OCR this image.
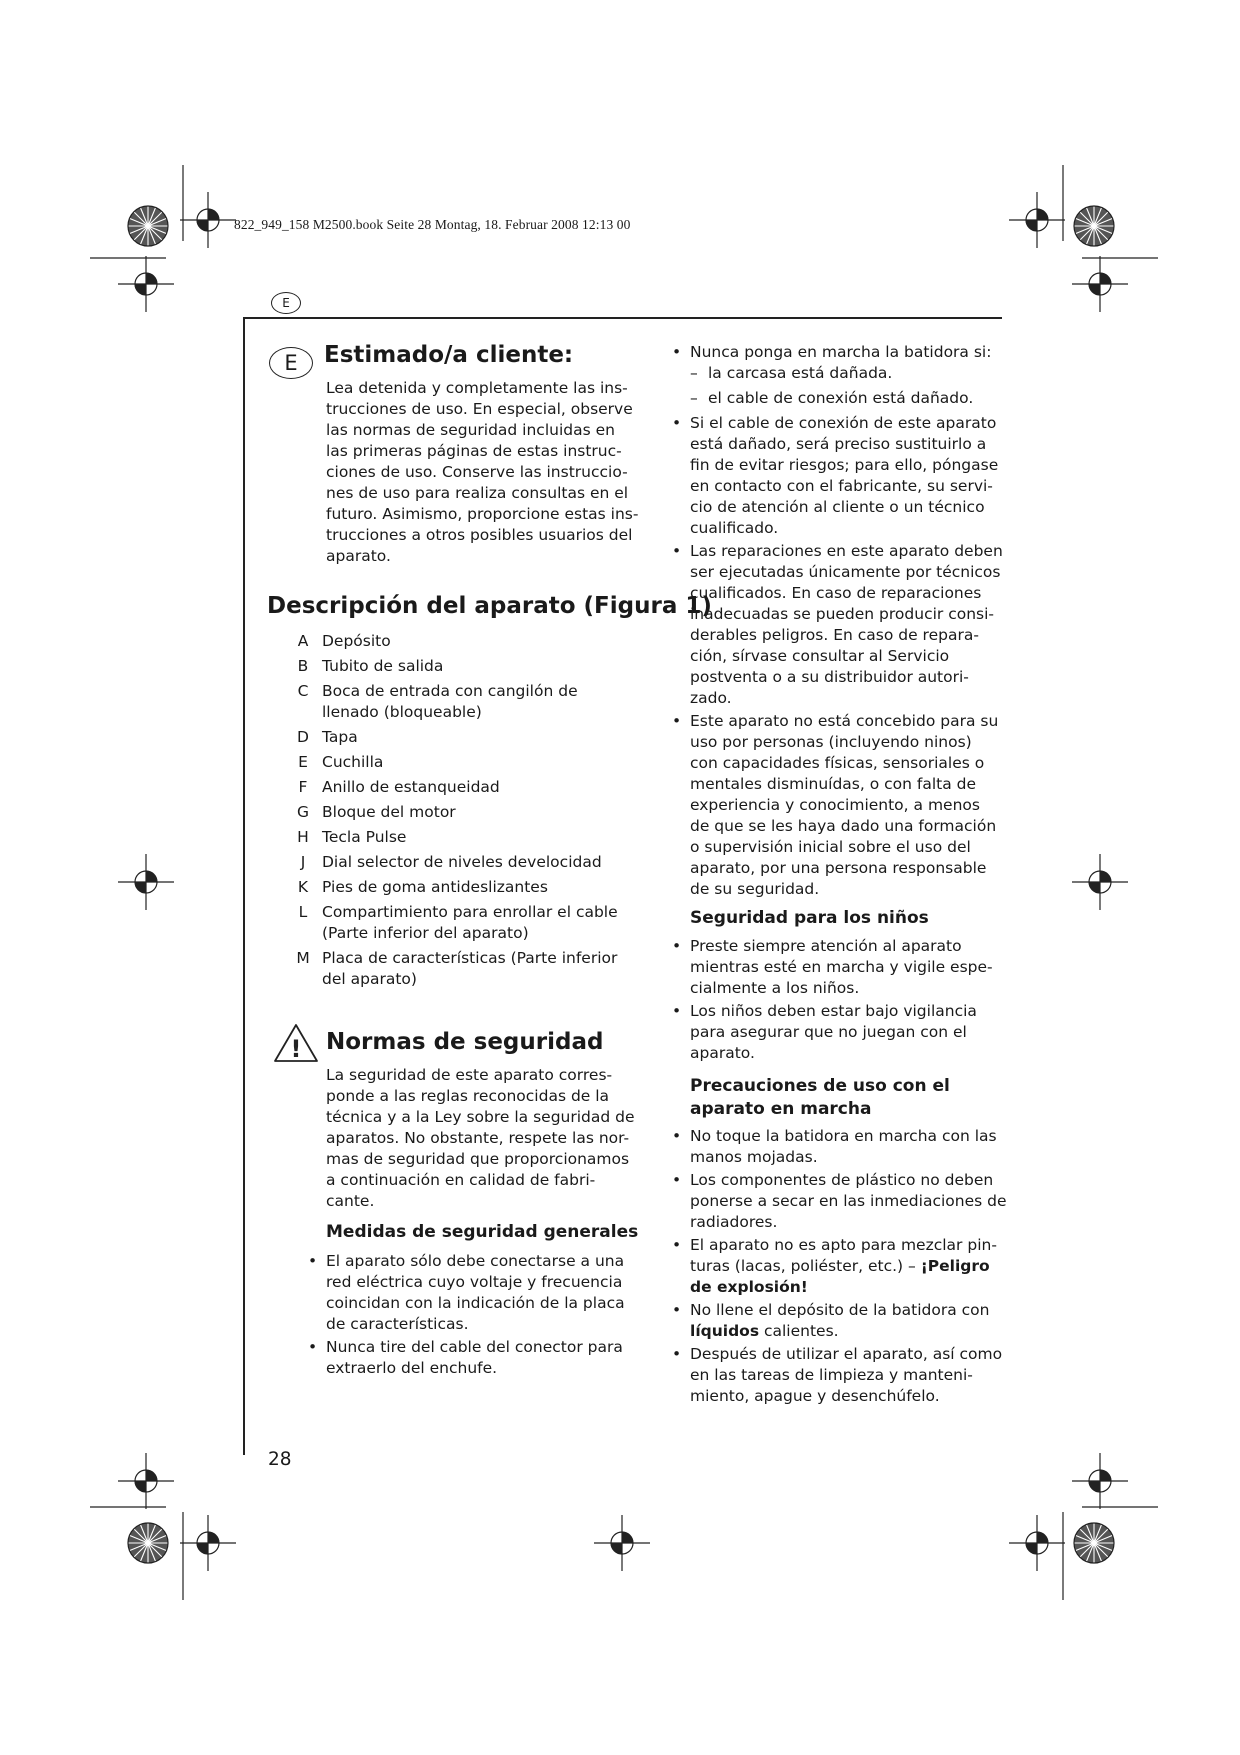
822_949_158 M2500.book Seite 28 Montag, 18. Februar 2008 12:13 00
E
E	Estimado/a cliente:
Lea detenida y completamente las ins-
trucciones de uso. En especial, observe
las normas de seguridad incluidas en
las primeras páginas de estas instruc-
ciones de uso. Conserve las instruccio-
nes de uso para realiza consultas en el
futuro. Asimismo, proporcione estas ins-
trucciones a otros posibles usuarios del
aparato.
Descripción del aparato (Figura 1)
A Depósito
B Tubito de salida
C Boca de entrada con cangilón de
llenado (bloqueable)
D Tapa
E Cuchilla
F Anillo de estanqueidad
G Bloque del motor
H Tecla Pulse
J	Dial selector de niveles develocidad
K Pies de goma antideslizantes
L Compartimiento para enrollar el cable
(Parte inferior del aparato)
M Placa de características (Parte inferior
del aparato)
! Normas de seguridad
La seguridad de este aparato corres-
ponde a las reglas reconocidas de la
técnica y a la Ley sobre la seguridad de
aparatos. No obstante, respete las nor-
mas de seguridad que proporcionamos
a continuación en calidad de fabri-
cante.
Medidas de seguridad generales
• El aparato sólo debe conectarse a una
red eléctrica cuyo voltaje y frecuencia
coincidan con la indicación de la placa
de características.
• Nunca tire del cable del conector para
extraerlo del enchufe.
28
• Nunca ponga en marcha la batidora si:
– la carcasa está dañada.
– el cable de conexión está dañado.
• Si el cable de conexión de este aparato
está dañado, será preciso sustituirlo a
fin de evitar riesgos; para ello, póngase
en contacto con el fabricante, su servi-
cio de atención al cliente o un técnico
cualificado.
• Las reparaciones en este aparato deben
ser ejecutadas únicamente por técnicos
cualificados. En caso de reparaciones
inadecuadas se pueden producir consi-
derables peligros. En caso de repara-
ción, sírvase consultar al Servicio
postventa o a su distribuidor autori-
zado.
• Este aparato no está concebido para su
uso por personas (incluyendo ninos)
con capacidades físicas, sensoriales o
mentales disminuídas, o con falta de
experiencia y conocimiento, a menos
de que se les haya dado una formación
o supervisión inicial sobre el uso del
aparato, por una persona responsable
de su seguridad.
Seguridad para los niños
• Preste siempre atención al aparato
mientras esté en marcha y vigile espe-
cialmente a los niños.
• Los niños deben estar bajo vigilancia
para asegurar que no juegan con el
aparato.
Precauciones de uso con el
aparato en marcha
• No toque la batidora en marcha con las
manos mojadas.
• Los componentes de plástico no deben
ponerse a secar en las inmediaciones de
radiadores.
• El aparato no es apto para mezclar pin-
turas (lacas, poliéster, etc.) – ¡Peligro
de explosión!
• No llene el depósito de la batidora con
líquidos calientes.
• Después de utilizar el aparato, así como
en las tareas de limpieza y manteni-
miento, apague y desenchúfelo.
